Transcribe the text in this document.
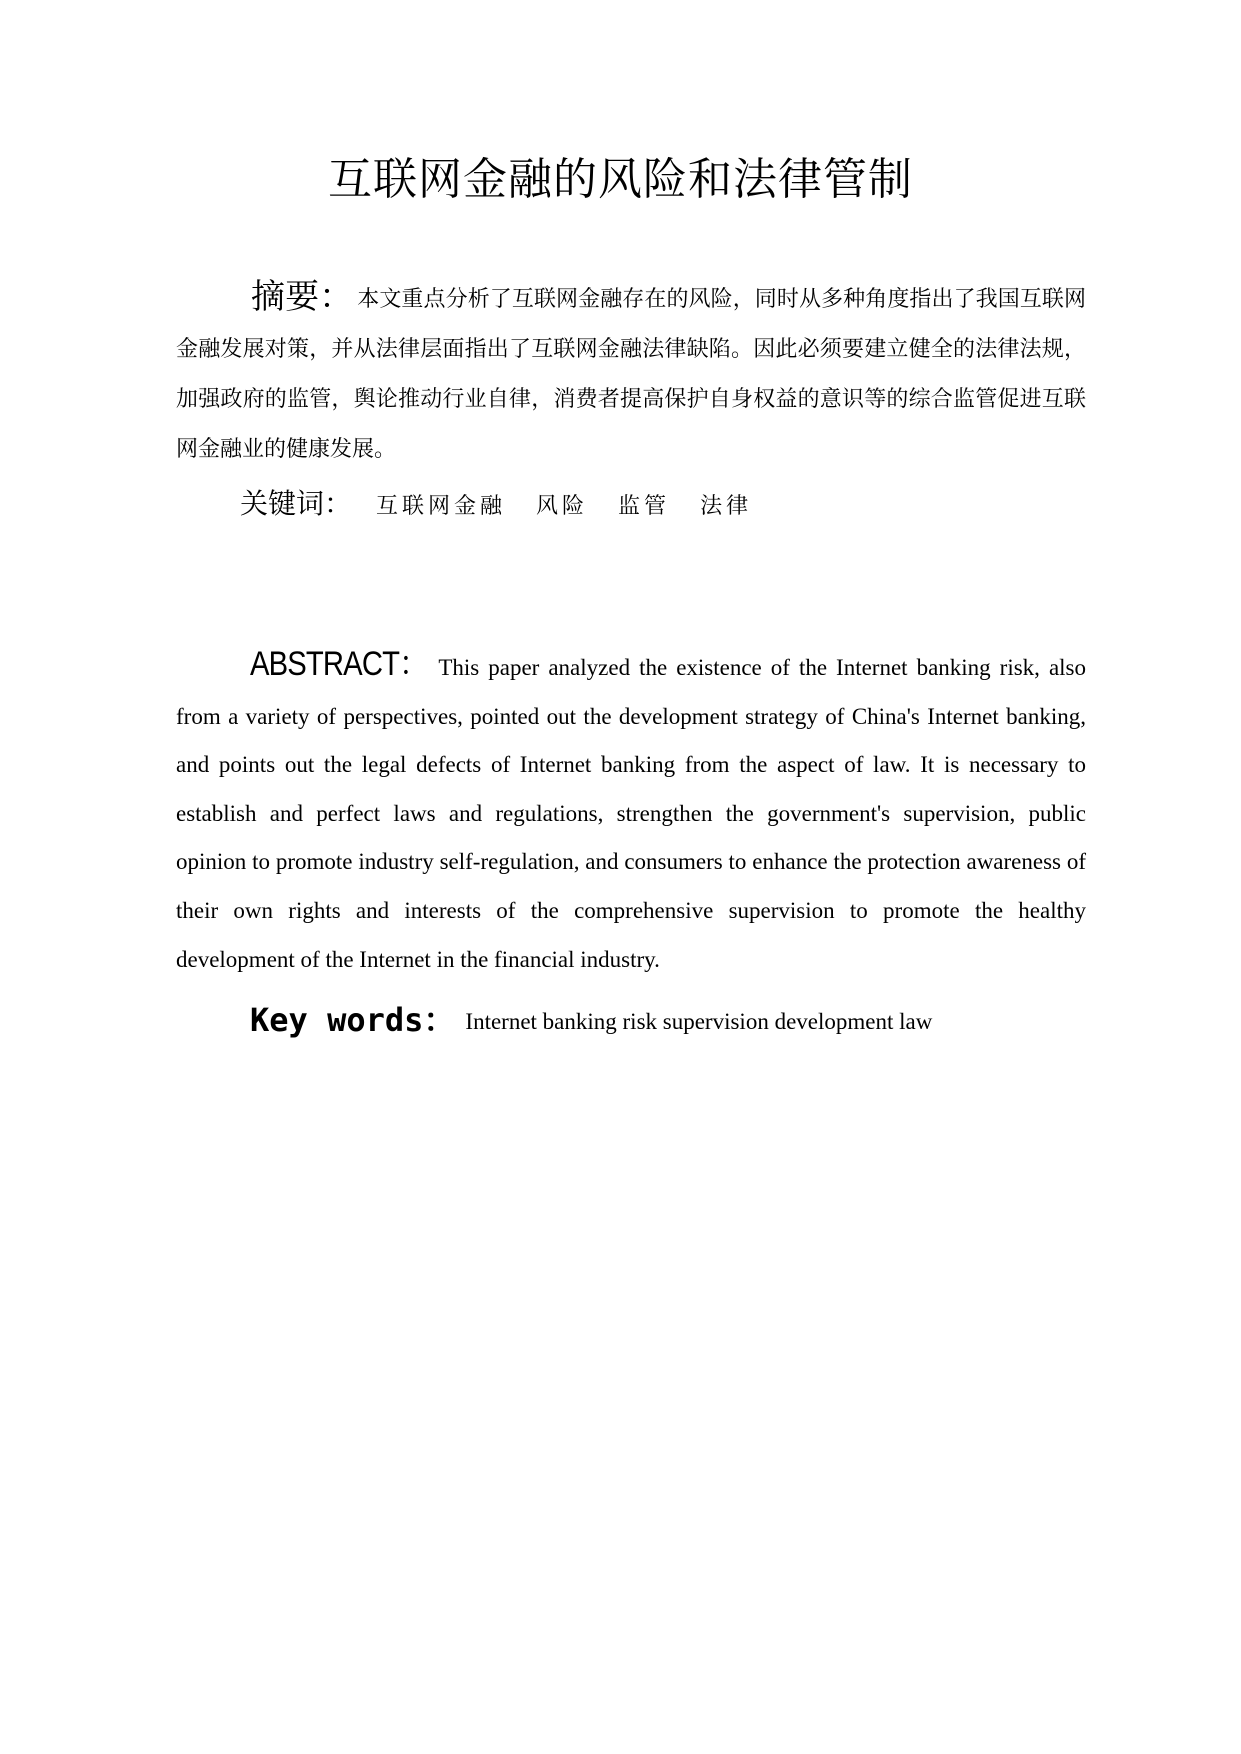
互联网金融的风险和法律管制

摘要： 本文重点分析了互联网金融存在的风险，同时从多种角度指出了我国互联网金融发展对策，并从法律层面指出了互联网金融法律缺陷。因此必须要建立健全的法律法规，加强政府的监管，舆论推动行业自律，消费者提高保护自身权益的意识等的综合监管促进互联网金融业的健康发展。

关键词： 互联网金融 风险 监管 法律

ABSTRACT： This paper analyzed the existence of the Internet banking risk, also from a variety of perspectives, pointed out the development strategy of China's Internet banking, and points out the legal defects of Internet banking from the aspect of law. It is necessary to establish and perfect laws and regulations, strengthen the government's supervision, public opinion to promote industry self-regulation, and consumers to enhance the protection awareness of their own rights and interests of the comprehensive supervision to promote the healthy development of the Internet in the financial industry.

Key words： Internet banking risk supervision development law
